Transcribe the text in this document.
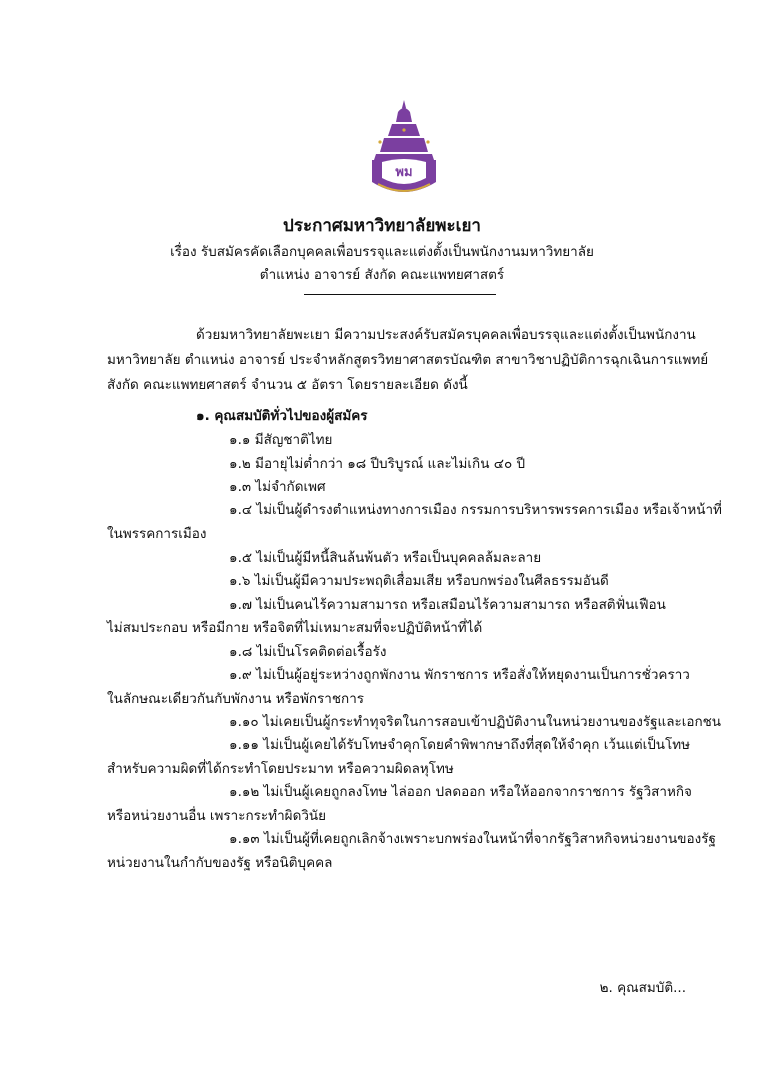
พม
ประกาศมหาวิทยาลัยพะเยา
เรื่อง รับสมัครคัดเลือกบุคคลเพื่อบรรจุและแต่งตั้งเป็นพนักงานมหาวิทยาลัย
ตำแหน่ง อาจารย์ สังกัด คณะแพทยศาสตร์
ด้วยมหาวิทยาลัยพะเยา มีความประสงค์รับสมัครบุคคลเพื่อบรรจุและแต่งตั้งเป็นพนักงาน
มหาวิทยาลัย ตำแหน่ง อาจารย์ ประจำหลักสูตรวิทยาศาสตรบัณฑิต สาขาวิชาปฏิบัติการฉุกเฉินการแพทย์
สังกัด คณะแพทยศาสตร์ จำนวน ๕ อัตรา โดยรายละเอียด ดังนี้
๑. คุณสมบัติทั่วไปของผู้สมัคร
๑.๑ มีสัญชาติไทย
๑.๒ มีอายุไม่ต่ำกว่า ๑๘ ปีบริบูรณ์ และไม่เกิน ๔๐ ปี
๑.๓ ไม่จำกัดเพศ
๑.๔ ไม่เป็นผู้ดำรงตำแหน่งทางการเมือง กรรมการบริหารพรรคการเมือง หรือเจ้าหน้าที่
ในพรรคการเมือง
๑.๕ ไม่เป็นผู้มีหนี้สินล้นพ้นตัว หรือเป็นบุคคลล้มละลาย
๑.๖ ไม่เป็นผู้มีความประพฤติเสื่อมเสีย หรือบกพร่องในศีลธรรมอันดี
๑.๗ ไม่เป็นคนไร้ความสามารถ หรือเสมือนไร้ความสามารถ หรือสติฟั่นเฟือน
ไม่สมประกอบ หรือมีกาย หรือจิตที่ไม่เหมาะสมที่จะปฏิบัติหน้าที่ได้
๑.๘ ไม่เป็นโรคติดต่อเรื้อรัง
๑.๙ ไม่เป็นผู้อยู่ระหว่างถูกพักงาน พักราชการ หรือสั่งให้หยุดงานเป็นการชั่วคราว
ในลักษณะเดียวกันกับพักงาน หรือพักราชการ
๑.๑๐ ไม่เคยเป็นผู้กระทำทุจริตในการสอบเข้าปฏิบัติงานในหน่วยงานของรัฐและเอกชน
๑.๑๑ ไม่เป็นผู้เคยได้รับโทษจำคุกโดยคำพิพากษาถึงที่สุดให้จำคุก เว้นแต่เป็นโทษ
สำหรับความผิดที่ได้กระทำโดยประมาท หรือความผิดลหุโทษ
๑.๑๒ ไม่เป็นผู้เคยถูกลงโทษ ไล่ออก ปลดออก หรือให้ออกจากราชการ รัฐวิสาหกิจ
หรือหน่วยงานอื่น เพราะกระทำผิดวินัย
๑.๑๓ ไม่เป็นผู้ที่เคยถูกเลิกจ้างเพราะบกพร่องในหน้าที่จากรัฐวิสาหกิจหน่วยงานของรัฐ
หน่วยงานในกำกับของรัฐ หรือนิติบุคคล
๒. คุณสมบัติ...
